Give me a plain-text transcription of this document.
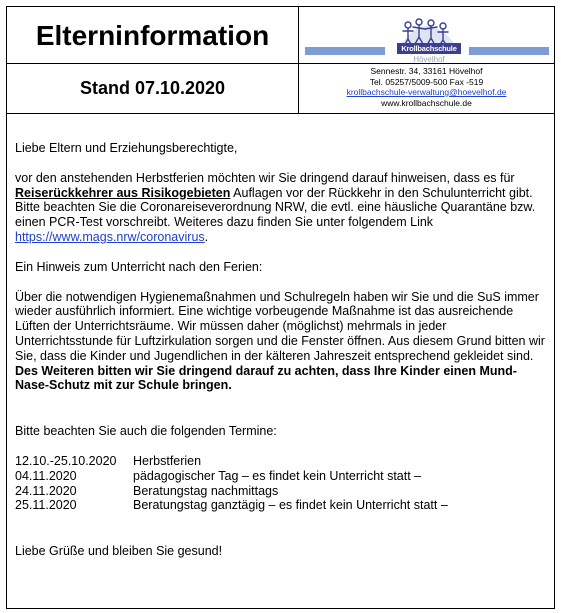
Elterninformation
Stand 07.10.2020
Krollbachschule
Hövelhof
Sennestr. 34, 33161 Hövelhof
Tel. 05257/5009-500 Fax -519
krollbachschule-verwaltung@hoevelhof.de
www.krollbachschule.de

Liebe Eltern und Erziehungsberechtigte,

vor den anstehenden Herbstferien möchten wir Sie dringend darauf hinweisen, dass es für Reiserückkehrer aus Risikogebieten Auflagen vor der Rückkehr in den Schulunterricht gibt. Bitte beachten Sie die Coronareiseverordnung NRW, die evtl. eine häusliche Quarantäne bzw. einen PCR-Test vorschreibt. Weiteres dazu finden Sie unter folgendem Link https://www.mags.nrw/coronavirus.

Ein Hinweis zum Unterricht nach den Ferien:

Über die notwendigen Hygienemaßnahmen und Schulregeln haben wir Sie und die SuS immer wieder ausführlich informiert. Eine wichtige vorbeugende Maßnahme ist das ausreichende Lüften der Unterrichtsräume. Wir müssen daher (möglichst) mehrmals in jeder Unterrichtsstunde für Luftzirkulation sorgen und die Fenster öffnen. Aus diesem Grund bitten wir Sie, dass die Kinder und Jugendlichen in der kälteren Jahreszeit entsprechend gekleidet sind.

Des Weiteren bitten wir Sie dringend darauf zu achten, dass Ihre Kinder einen Mund-Nase-Schutz mit zur Schule bringen.

Bitte beachten Sie auch die folgenden Termine:

12.10.-25.10.2020	Herbstferien
04.11.2020	pädagogischer Tag – es findet kein Unterricht statt –
24.11.2020	Beratungstag nachmittags
25.11.2020	Beratungstag ganztägig – es findet kein Unterricht statt –

Liebe Grüße und bleiben Sie gesund!
